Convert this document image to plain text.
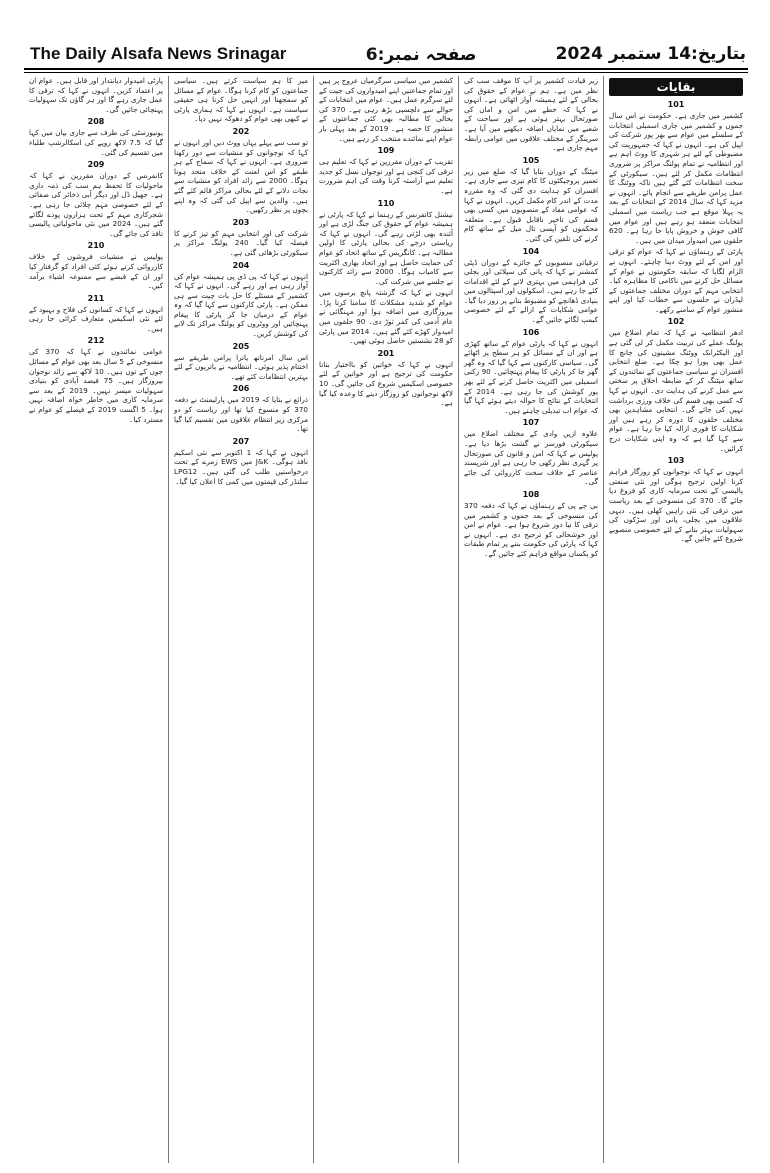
The Daily Alsafa News Srinagar	صفحہ نمبر:6	بتاریخ:14 ستمبر 2024
بقایات
101

کشمیر میں جاری ہے۔ حکومت نے اس سال جموں و کشمیر میں جاری اسمبلی انتخابات کے سلسلے میں عوام سے بھر پور شرکت کی اپیل کی ہے۔ انہوں نے کہا کہ جمہوریت کی مضبوطی کے لئے ہر شہری کا ووٹ اہم ہے اور انتظامیہ نے تمام پولنگ مراکز پر ضروری انتظامات مکمل کر لئے ہیں۔ سیکورٹی کے سخت انتظامات کئے گئے ہیں تاکہ ووٹنگ کا عمل پرامن طریقے سے انجام پائے۔ انہوں نے مزید کہا کہ سال 2014 کے انتخابات کے بعد یہ پہلا موقع ہے جب ریاست میں اسمبلی انتخابات منعقد ہو رہے ہیں اور عوام میں کافی جوش و خروش پایا جا رہا ہے۔ 620 حلقوں میں امیدوار میدان میں ہیں۔

پارٹی کے رہنماؤں نے کہا کہ عوام کو ترقی اور امن کے لئے ووٹ دینا چاہئے۔ انہوں نے الزام لگایا کہ سابقہ حکومتوں نے عوام کے مسائل حل کرنے میں ناکامی کا مظاہرہ کیا۔ انتخابی مہم کے دوران مختلف جماعتوں کے لیڈران نے جلسوں سے خطاب کیا اور اپنے منشور عوام کے سامنے رکھے۔

102

ادھر انتظامیہ نے کہا کہ تمام اضلاع میں پولنگ عملے کی تربیت مکمل کر لی گئی ہے اور الیکٹرانک ووٹنگ مشینوں کی جانچ کا عمل بھی پورا ہو چکا ہے۔ ضلع انتخابی افسران نے سیاسی جماعتوں کے نمائندوں کے ساتھ میٹنگ کر کے ضابطہ اخلاق پر سختی سے عمل کرنے کی ہدایت دی۔ انہوں نے کہا کہ کسی بھی قسم کی خلاف ورزی برداشت نہیں کی جائے گی۔ انتخابی مشاہدین بھی مختلف حلقوں کا دورہ کر رہے ہیں اور شکایات کا فوری ازالہ کیا جا رہا ہے۔ عوام سے کہا گیا ہے کہ وہ اپنی شکایات درج کرائیں۔

103

انہوں نے کہا کہ نوجوانوں کو روزگار فراہم کرنا اولین ترجیح ہوگی اور نئی صنعتی پالیسی کے تحت سرمایہ کاری کو فروغ دیا جائے گا۔ 370 کی منسوخی کے بعد ریاست میں ترقی کی نئی راہیں کھلی ہیں۔ دیہی علاقوں میں بجلی، پانی اور سڑکوں کی سہولیات بہتر بنانے کے لئے خصوصی منصوبے شروع کئے جائیں گے۔

زیر قیادت کشمیر پر آپ کا موقف سب کی نظر میں ہے۔ ہم نے عوام کے حقوق کی بحالی کے لئے ہمیشہ آواز اٹھائی ہے۔ انہوں نے کہا کہ خطے میں امن و امان کی صورتحال بہتر ہوئی ہے اور سیاحت کے شعبے میں نمایاں اضافہ دیکھنے میں آیا ہے۔ سرینگر کے مختلف علاقوں میں عوامی رابطہ مہم جاری ہے۔

105

میٹنگ کے دوران بتایا گیا کہ ضلع میں زیر تعمیر پروجیکٹوں کا کام تیزی سے جاری ہے۔ افسران کو ہدایت دی گئی کہ وہ مقررہ مدت کے اندر کام مکمل کریں۔ انہوں نے کہا کہ عوامی مفاد کے منصوبوں میں کسی بھی قسم کی تاخیر ناقابل قبول ہے۔ متعلقہ محکموں کو آپسی تال میل کے ساتھ کام کرنے کی تلقین کی گئی۔

104

ترقیاتی منصوبوں کے جائزے کے دوران ڈپٹی کمشنر نے کہا کہ پانی کی سپلائی اور بجلی کی فراہمی میں بہتری لانے کے لئے اقدامات کئے جا رہے ہیں۔ اسکولوں اور اسپتالوں میں بنیادی ڈھانچے کو مضبوط بنانے پر زور دیا گیا۔ عوامی شکایات کے ازالے کے لئے خصوصی کیمپ لگائے جائیں گے۔

106

انہوں نے کہا کہ پارٹی عوام کے ساتھ کھڑی ہے اور ان کے مسائل کو ہر سطح پر اٹھائے گی۔ سیاسی کارکنوں سے کہا گیا کہ وہ گھر گھر جا کر پارٹی کا پیغام پہنچائیں۔ 90 رکنی اسمبلی میں اکثریت حاصل کرنے کے لئے بھر پور کوشش کی جا رہی ہے۔ 2014 کے انتخابات کے نتائج کا حوالہ دیتے ہوئے کہا گیا کہ عوام اب تبدیلی چاہتے ہیں۔

107

علاوہ ازیں وادی کے مختلف اضلاع میں سیکورٹی فورسز نے گشت بڑھا دیا ہے۔ پولیس نے کہا کہ امن و قانون کی صورتحال پر گہری نظر رکھی جا رہی ہے اور شرپسند عناصر کے خلاف سخت کارروائی کی جائے گی۔

108

بی جے پی کے رہنماؤں نے کہا کہ دفعہ 370 کی منسوخی کے بعد جموں و کشمیر میں ترقی کا نیا دور شروع ہوا ہے۔ عوام نے امن اور خوشحالی کو ترجیح دی ہے۔ انہوں نے کہا کہ پارٹی کی حکومت بننے پر تمام طبقات کو یکساں مواقع فراہم کئے جائیں گے۔

کشمیر میں سیاسی سرگرمیاں عروج پر ہیں اور تمام جماعتیں اپنے امیدواروں کی جیت کے لئے سرگرم عمل ہیں۔ عوام میں انتخابات کے حوالے سے دلچسپی بڑھ رہی ہے۔ 370 کی بحالی کا مطالبہ بھی کئی جماعتوں کے منشور کا حصہ ہے۔ 2019 کے بعد پہلی بار عوام اپنے نمائندے منتخب کر رہے ہیں۔

109

تقریب کے دوران مقررین نے کہا کہ تعلیم ہی ترقی کی کنجی ہے اور نوجوان نسل کو جدید تعلیم سے آراستہ کرنا وقت کی اہم ضرورت ہے۔

110

نیشنل کانفرنس کے رہنما نے کہا کہ پارٹی نے ہمیشہ عوام کے حقوق کی جنگ لڑی ہے اور آئندہ بھی لڑتی رہے گی۔ انہوں نے کہا کہ ریاستی درجے کی بحالی پارٹی کا اولین مطالبہ ہے۔ کانگریس کے ساتھ اتحاد کو عوام کی حمایت حاصل ہے اور اتحاد بھاری اکثریت سے کامیاب ہوگا۔ 2000 سے زائد کارکنوں نے جلسے میں شرکت کی۔

انہوں نے کہا کہ گزشتہ پانچ برسوں میں عوام کو شدید مشکلات کا سامنا کرنا پڑا۔ بیروزگاری میں اضافہ ہوا اور مہنگائی نے عام آدمی کی کمر توڑ دی۔ 90 حلقوں میں امیدوار کھڑے کئے گئے ہیں۔ 2014 میں پارٹی کو 28 نشستیں حاصل ہوئی تھیں۔

201

انہوں نے کہا کہ خواتین کو بااختیار بنانا حکومت کی ترجیح ہے اور خواتین کے لئے خصوصی اسکیمیں شروع کی جائیں گی۔ 10 لاکھ نوجوانوں کو روزگار دینے کا وعدہ کیا گیا ہے۔

میر کا ہم سیاست کرتے ہیں۔ سیاسی جماعتوں کو کام کرنا ہوگا۔ عوام کے مسائل کو سمجھنا اور انہیں حل کرنا ہی حقیقی سیاست ہے۔ انہوں نے کہا کہ ہماری پارٹی نے کبھی بھی عوام کو دھوکہ نہیں دیا۔

202

تو سب سے پہلے یہاں ووٹ دیں اور انہوں نے کہا کہ نوجوانوں کو منشیات سے دور رکھنا ضروری ہے۔ انہوں نے کہا کہ سماج کے ہر طبقے کو اس لعنت کے خلاف متحد ہونا ہوگا۔ 2000 سے زائد افراد کو منشیات سے نجات دلانے کے لئے بحالی مراکز قائم کئے گئے ہیں۔ والدین سے اپیل کی گئی کہ وہ اپنے بچوں پر نظر رکھیں۔

203

شرکت کی اور انتخابی مہم کو تیز کرنے کا فیصلہ کیا گیا۔ 240 پولنگ مراکز پر سیکورٹی بڑھائی گئی ہے۔

204

انہوں نے کہا کہ پی ڈی پی ہمیشہ عوام کی آواز رہی ہے اور رہے گی۔ انہوں نے کہا کہ کشمیر کے مسئلے کا حل بات چیت سے ہی ممکن ہے۔ پارٹی کارکنوں سے کہا گیا کہ وہ عوام کے درمیان جا کر پارٹی کا پیغام پہنچائیں اور ووٹروں کو پولنگ مراکز تک لانے کی کوشش کریں۔

205

اس سال امرناتھ یاترا پرامن طریقے سے اختتام پذیر ہوئی۔ انتظامیہ نے یاتریوں کے لئے بہترین انتظامات کئے تھے۔

206

ذرائع نے بتایا کہ 2019 میں پارلیمنٹ نے دفعہ 370 کو منسوخ کیا تھا اور ریاست کو دو مرکزی زیر انتظام علاقوں میں تقسیم کیا گیا تھا۔

207

انہوں نے کہا کہ 1 اکتوبر سے نئی اسکیم نافذ ہوگی۔ J&K میں EWS زمرے کے تحت درخواستیں طلب کی گئی ہیں۔ LPG12 سلنڈر کی قیمتوں میں کمی کا اعلان کیا گیا۔

پارٹی امیدوار دیانتدار اور قابل ہیں۔ عوام ان پر اعتماد کریں۔ انہوں نے کہا کہ ترقی کا عمل جاری رہے گا اور ہر گاؤں تک سہولیات پہنچائی جائیں گی۔

208

یونیورسٹی کی طرف سے جاری بیان میں کہا گیا کہ 7.5 لاکھ روپے کی اسکالرشپ طلباء میں تقسیم کی گئی۔

209

کانفرنس کے دوران مقررین نے کہا کہ ماحولیات کا تحفظ ہم سب کی ذمہ داری ہے۔ جھیل ڈل اور دیگر آبی ذخائر کی صفائی کے لئے خصوصی مہم چلائی جا رہی ہے۔ شجرکاری مہم کے تحت ہزاروں پودے لگائے گئے ہیں۔ 2024 میں نئی ماحولیاتی پالیسی نافذ کی جائے گی۔

210

پولیس نے منشیات فروشوں کے خلاف کارروائی کرتے ہوئے کئی افراد کو گرفتار کیا اور ان کے قبضے سے ممنوعہ اشیاء برآمد کیں۔

211

انہوں نے کہا کہ کسانوں کی فلاح و بہبود کے لئے نئی اسکیمیں متعارف کرائی جا رہی ہیں۔

212

عوامی نمائندوں نے کہا کہ 370 کی منسوخی کے 5 سال بعد بھی عوام کے مسائل جوں کے توں ہیں۔ 10 لاکھ سے زائد نوجوان بیروزگار ہیں۔ 75 فیصد آبادی کو بنیادی سہولیات میسر نہیں۔ 2019 کے بعد سے سرمایہ کاری میں خاطر خواہ اضافہ نہیں ہوا۔ 5 اگست 2019 کے فیصلے کو عوام نے مسترد کیا۔
